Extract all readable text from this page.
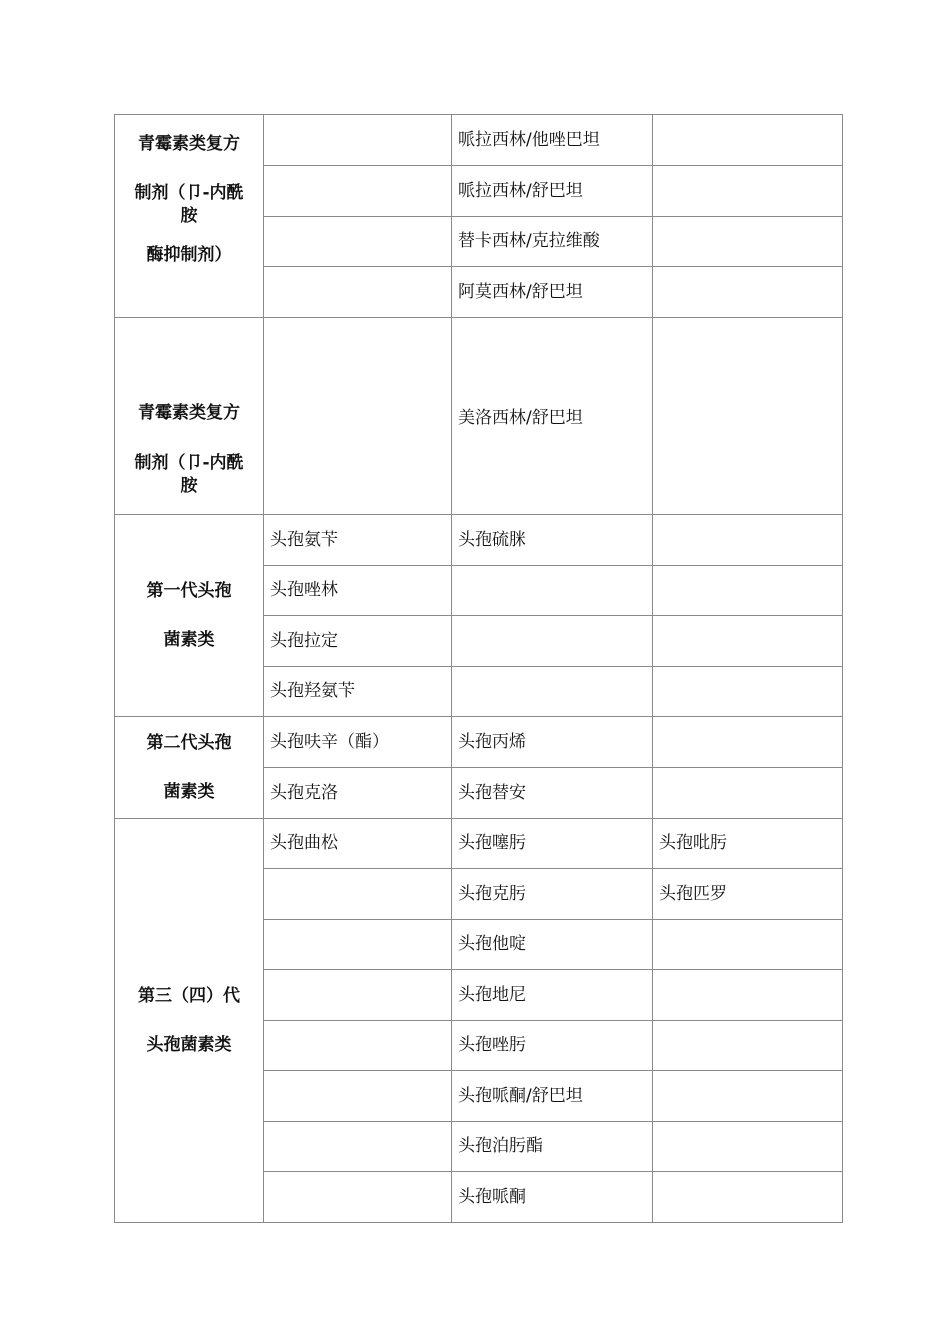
青霉素类复方
制剂（卩-内酰
胺
酶抑制剂）		哌拉西林/他唑巴坦	
		哌拉西林/舒巴坦	
		替卡西林/克拉维酸	
		阿莫西林/舒巴坦	

青霉素类复方
制剂（卩-内酰
胺		美洛西林/舒巴坦	

第一代头孢
菌素类	头孢氨苄	头孢硫脒	
	头孢唑林		
	头孢拉定		
	头孢羟氨苄		

第二代头孢
菌素类	头孢呋辛（酯）	头孢丙烯	
	头孢克洛	头孢替安	

第三（四）代
头孢菌素类	头孢曲松	头孢噻肟	头孢吡肟
		头孢克肟	头孢匹罗
		头孢他啶	
		头孢地尼	
		头孢唑肟	
		头孢哌酮/舒巴坦	
		头孢泊肟酯	
		头孢哌酮	
